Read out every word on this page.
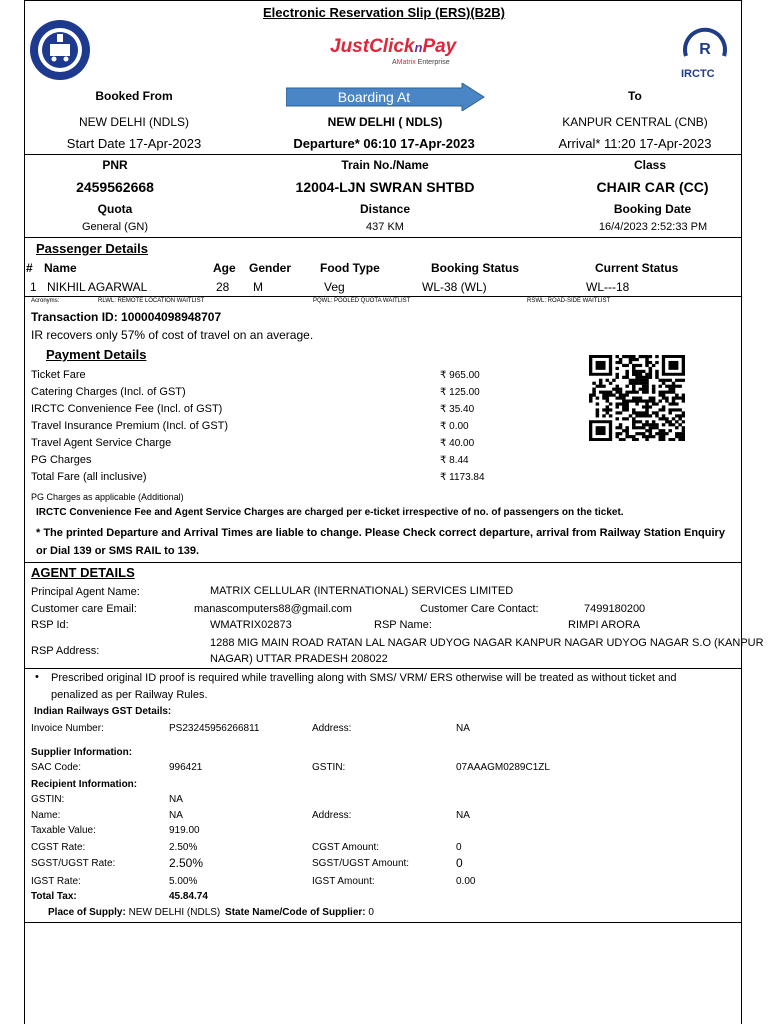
Electronic Reservation Slip (ERS)(B2B)
JustClicknPay
AMatrix Enterprise
R
IRCTC
Booked From	Boarding At	To
NEW DELHI (NDLS)	NEW DELHI ( NDLS)	KANPUR CENTRAL (CNB)
Start Date 17-Apr-2023	Departure* 06:10 17-Apr-2023	Arrival* 11:20 17-Apr-2023
PNR	Train No./Name	Class
2459562668	12004-LJN SWRAN SHTBD	CHAIR CAR (CC)
Quota	Distance	Booking Date
General (GN)	437 KM	16/4/2023 2:52:33 PM
Passenger Details
# Name	Age Gender Food Type	Booking Status	Current Status
1 NIKHIL AGARWAL	28 M	Veg	WL-38 (WL)	WL---18
Acronyms:	RLWL: REMOTE LOCATION WAITLIST	PQWL: POOLED QUOTA WAITLIST	RSWL: ROAD-SIDE WAITLIST
Transaction ID: 100004098948707
IR recovers only 57% of cost of travel on an average.
Payment Details
Ticket Fare	₹ 965.00
Catering Charges (Incl. of GST)	₹ 125.00
IRCTC Convenience Fee (Incl. of GST)	₹ 35.40
Travel Insurance Premium (Incl. of GST)	₹ 0.00
Travel Agent Service Charge	₹ 40.00
PG Charges	₹ 8.44
Total Fare (all inclusive)	₹ 1173.84
PG Charges as applicable (Additional)
IRCTC Convenience Fee and Agent Service Charges are charged per e-ticket irrespective of no. of passengers on the ticket.
* The printed Departure and Arrival Times are liable to change. Please Check correct departure, arrival from Railway Station Enquiry
or Dial 139 or SMS RAIL to 139.
AGENT DETAILS
Principal Agent Name:	MATRIX CELLULAR (INTERNATIONAL) SERVICES LIMITED
Customer care Email:	manascomputers88@gmail.com	Customer Care Contact:	7499180200
RSP Id:	WMATRIX02873	RSP Name:	RIMPI ARORA
RSP Address:
1288 MIG MAIN ROAD RATAN LAL NAGAR UDYOG NAGAR KANPUR NAGAR UDYOG NAGAR S.O (KANPUR
NAGAR) UTTAR PRADESH 208022
• Prescribed original ID proof is required while travelling along with SMS/ VRM/ ERS otherwise will be treated as without ticket and
penalized as per Railway Rules.
Indian Railways GST Details:
Invoice Number:	PS23245956266811	Address:	NA
Supplier Information:
SAC Code:	996421	GSTIN:	07AAAGM0289C1ZL
Recipient Information:
GSTIN:	NA
Name:	NA	Address:	NA
Taxable Value:	919.00
CGST Rate:	2.50%	CGST Amount:	0
SGST/UGST Rate:	2.50%	SGST/UGST Amount:	0
IGST Rate:	5.00%	IGST Amount:	0.00
Total Tax:	45.84.74
Place of Supply: NEW DELHI (NDLS) State Name/Code of Supplier: 0
